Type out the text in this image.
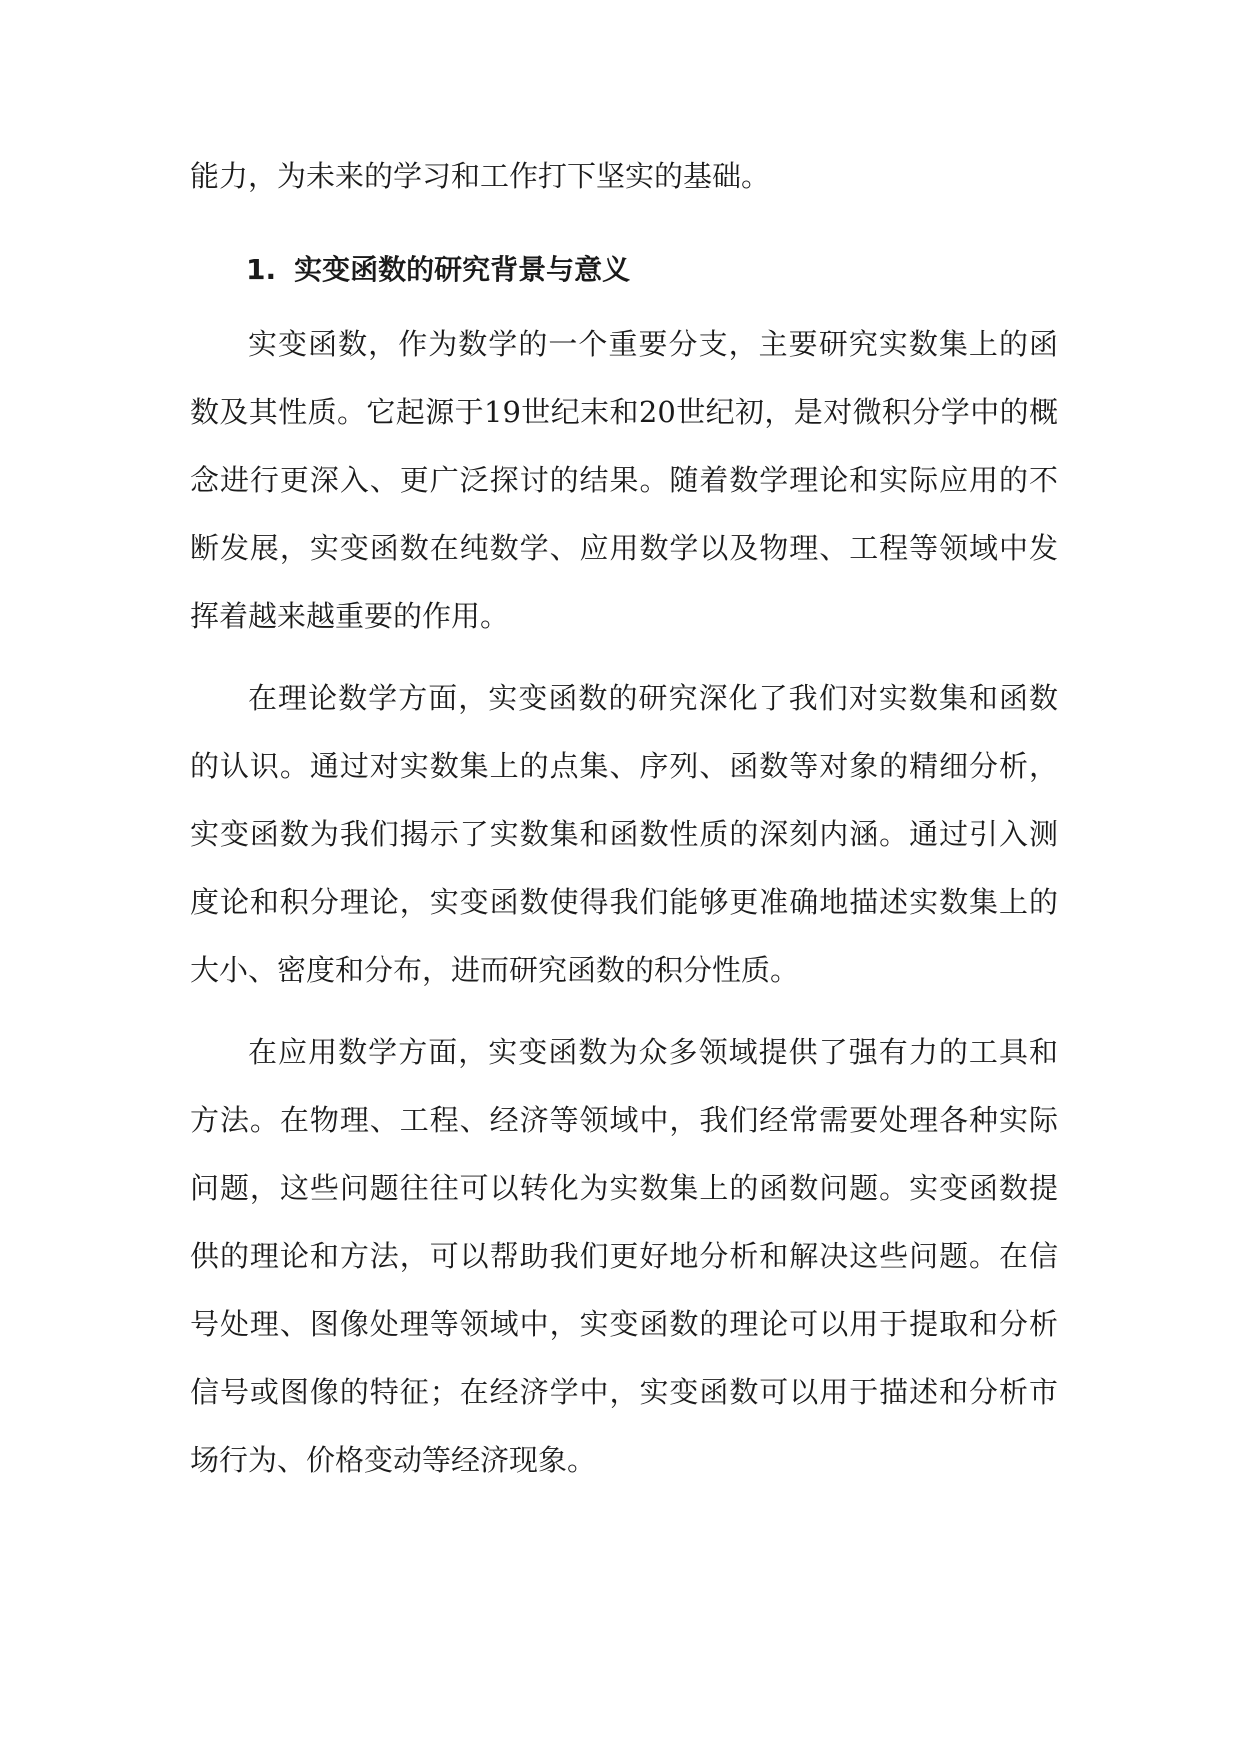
能力，为未来的学习和工作打下坚实的基础。

1. 实变函数的研究背景与意义

实变函数，作为数学的一个重要分支，主要研究实数集上的函数及其性质。它起源于19世纪末和20世纪初，是对微积分学中的概念进行更深入、更广泛探讨的结果。随着数学理论和实际应用的不断发展，实变函数在纯数学、应用数学以及物理、工程等领域中发挥着越来越重要的作用。

在理论数学方面，实变函数的研究深化了我们对实数集和函数的认识。通过对实数集上的点集、序列、函数等对象的精细分析，实变函数为我们揭示了实数集和函数性质的深刻内涵。通过引入测度论和积分理论，实变函数使得我们能够更准确地描述实数集上的大小、密度和分布，进而研究函数的积分性质。

在应用数学方面，实变函数为众多领域提供了强有力的工具和方法。在物理、工程、经济等领域中，我们经常需要处理各种实际问题，这些问题往往可以转化为实数集上的函数问题。实变函数提供的理论和方法，可以帮助我们更好地分析和解决这些问题。在信号处理、图像处理等领域中，实变函数的理论可以用于提取和分析信号或图像的特征；在经济学中，实变函数可以用于描述和分析市场行为、价格变动等经济现象。
